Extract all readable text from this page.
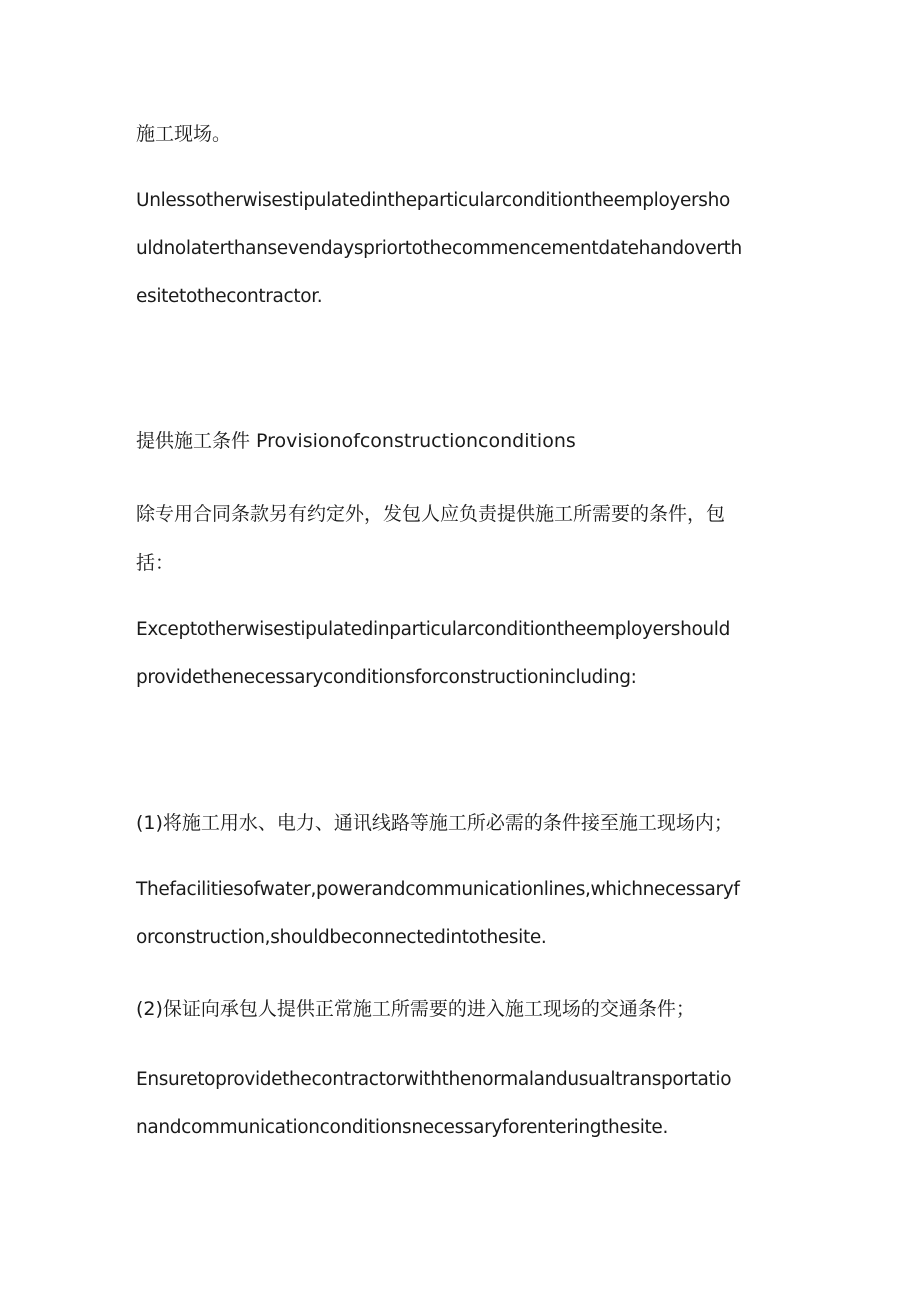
施工现场。
Unlessotherwisestipulatedintheparticularconditiontheemployersho
uldnolaterthansevendayspriortothecommencementdatehandoverth
esitetothecontractor.
提供施工条件 Provisionofconstructionconditions
除专用合同条款另有约定外，发包人应负责提供施工所需要的条件，包
括：
Exceptotherwisestipulatedinparticularconditiontheemployershould
providethenecessaryconditionsforconstructionincluding:
(1)将施工用水、电力、通讯线路等施工所必需的条件接至施工现场内；
Thefacilitiesofwater,powerandcommunicationlines,whichnecessaryf
orconstruction,shouldbeconnectedintothesite.
(2)保证向承包人提供正常施工所需要的进入施工现场的交通条件；
Ensuretoprovidethecontractorwiththenormalandusualtransportatio
nandcommunicationconditionsnecessaryforenteringthesite.
